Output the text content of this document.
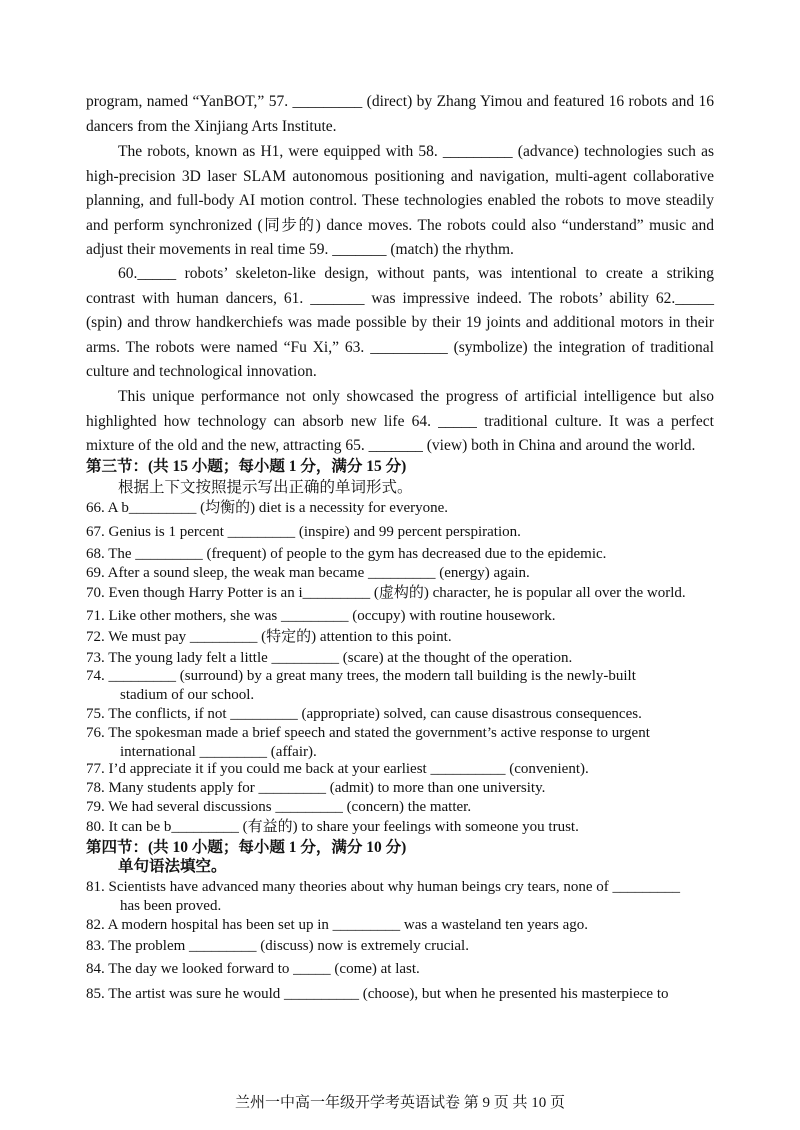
program, named “YanBOT,” 57. _________ (direct) by Zhang Yimou and featured 16 robots and 16 dancers from the Xinjiang Arts Institute.

The robots, known as H1, were equipped with 58. _________ (advance) technologies such as high-precision 3D laser SLAM autonomous positioning and navigation, multi-agent collaborative planning, and full-body AI motion control. These technologies enabled the robots to move steadily and perform synchronized (同步的) dance moves. The robots could also “understand” music and adjust their movements in real time 59. _______ (match) the rhythm.

60._____ robots’ skeleton-like design, without pants, was intentional to create a striking contrast with human dancers, 61. _______ was impressive indeed. The robots’ ability 62._____ (spin) and throw handkerchiefs was made possible by their 19 joints and additional motors in their arms. The robots were named “Fu Xi,” 63. __________ (symbolize) the integration of traditional culture and technological innovation.

This unique performance not only showcased the progress of artificial intelligence but also highlighted how technology can absorb new life 64. _____ traditional culture. It was a perfect mixture of the old and the new, attracting 65. _______ (view) both in China and around the world.

第三节：(共 15 小题；每小题 1 分，满分 15 分)

根据上下文按照提示写出正确的单词形式。

66. A b_________ (均衡的) diet is a necessity for everyone.

67. Genius is 1 percent _________ (inspire) and 99 percent perspiration.

68. The _________ (frequent) of people to the gym has decreased due to the epidemic.

69. After a sound sleep, the weak man became _________ (energy) again.

70. Even though Harry Potter is an i_________ (虚构的) character, he is popular all over the world.

71. Like other mothers, she was _________ (occupy) with routine housework.

72. We must pay _________ (特定的) attention to this point.

73. The young lady felt a little _________ (scare) at the thought of the operation.

74. _________ (surround) by a great many trees, the modern tall building is the newly-built
stadium of our school.

75. The conflicts, if not _________ (appropriate) solved, can cause disastrous consequences.

76. The spokesman made a brief speech and stated the government’s active response to urgent
international _________ (affair).

77. I’d appreciate it if you could me back at your earliest __________ (convenient).

78. Many students apply for _________ (admit) to more than one university.

79. We had several discussions _________ (concern) the matter.

80. It can be b_________ (有益的) to share your feelings with someone you trust.

第四节：(共 10 小题；每小题 1 分，满分 10 分)

单句语法填空。

81. Scientists have advanced many theories about why human beings cry tears, none of _________
has been proved.

82. A modern hospital has been set up in _________ was a wasteland ten years ago.

83. The problem _________ (discuss) now is extremely crucial.

84. The day we looked forward to _____ (come) at last.

85. The artist was sure he would __________ (choose), but when he presented his masterpiece to

兰州一中高一年级开学考英语试卷 第 9 页 共 10 页
